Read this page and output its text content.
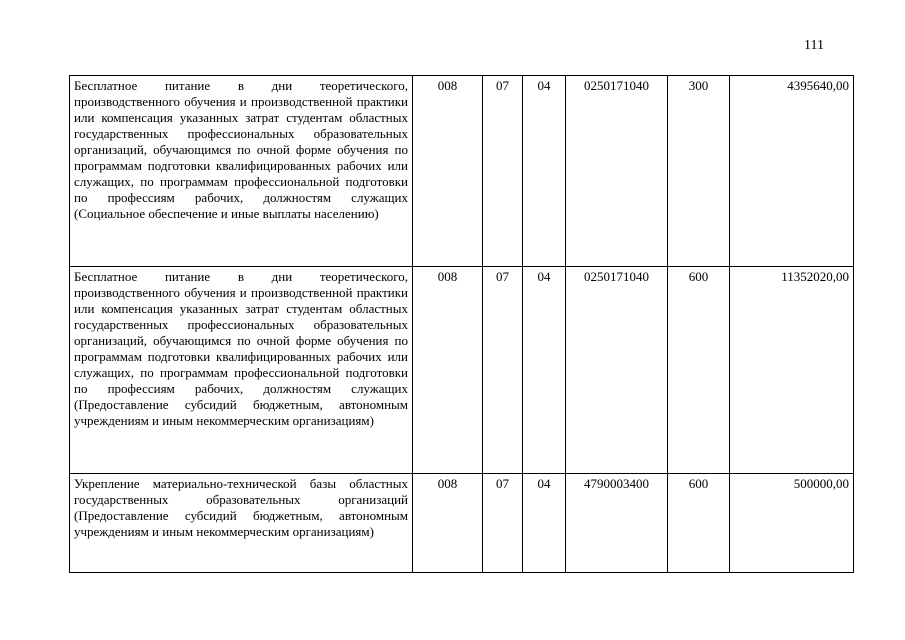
111
Бесплатное питание в дни теоретического, производственного обучения и производственной практики или компенсация указанных затрат студентам областных государственных профессиональных образовательных организаций, обучающимся по очной форме обучения по программам подготовки квалифицированных рабочих или служащих, по программам профессиональной подготовки по профессиям рабочих, должностям служащих (Социальное обеспечение и иные выплаты населению)	008	07	04	0250171040	300	4395640,00
Бесплатное питание в дни теоретического, производственного обучения и производственной практики или компенсация указанных затрат студентам областных государственных профессиональных образовательных организаций, обучающимся по очной форме обучения по программам подготовки квалифицированных рабочих или служащих, по программам профессиональной подготовки по профессиям рабочих, должностям служащих (Предоставление субсидий бюджетным, автономным учреждениям и иным некоммерческим организациям)	008	07	04	0250171040	600	11352020,00
Укрепление материально-технической базы областных государственных образовательных организаций (Предоставление субсидий бюджетным, автономным учреждениям и иным некоммерческим организациям)	008	07	04	4790003400	600	500000,00
